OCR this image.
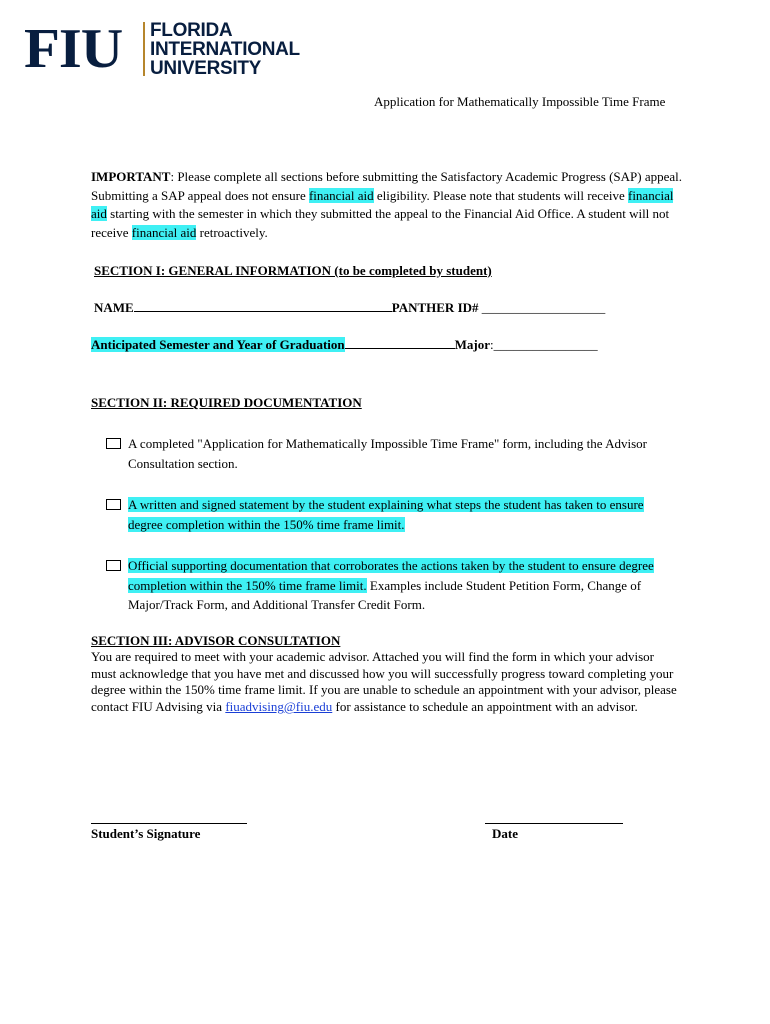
FIU FLORIDA
INTERNATIONAL
UNIVERSITY
Application for Mathematically Impossible Time Frame
IMPORTANT: Please complete all sections before submitting the Satisfactory Academic Progress (SAP) appeal. Submitting a SAP appeal does not ensure financial aid eligibility. Please note that students will receive financial aid starting with the semester in which they submitted the appeal to the Financial Aid Office. A student will not receive financial aid retroactively.
SECTION I: GENERAL INFORMATION (to be completed by student)
NAME	PANTHER ID# ___________________
Anticipated Semester and Year of Graduation	Major:________________
SECTION II: REQUIRED DOCUMENTATION
A completed "Application for Mathematically Impossible Time Frame" form, including the Advisor Consultation section.
A written and signed statement by the student explaining what steps the student has taken to ensure degree completion within the 150% time frame limit.
Official supporting documentation that corroborates the actions taken by the student to ensure degree completion within the 150% time frame limit. Examples include Student Petition Form, Change of Major/Track Form, and Additional Transfer Credit Form.
SECTION III: ADVISOR CONSULTATION
You are required to meet with your academic advisor. Attached you will find the form in which your advisor must acknowledge that you have met and discussed how you will successfully progress toward completing your degree within the 150% time frame limit. If you are unable to schedule an appointment with your advisor, please contact FIU Advising via fiuadvising@fiu.edu for assistance to schedule an appointment with an advisor.
Student’s Signature	Date
